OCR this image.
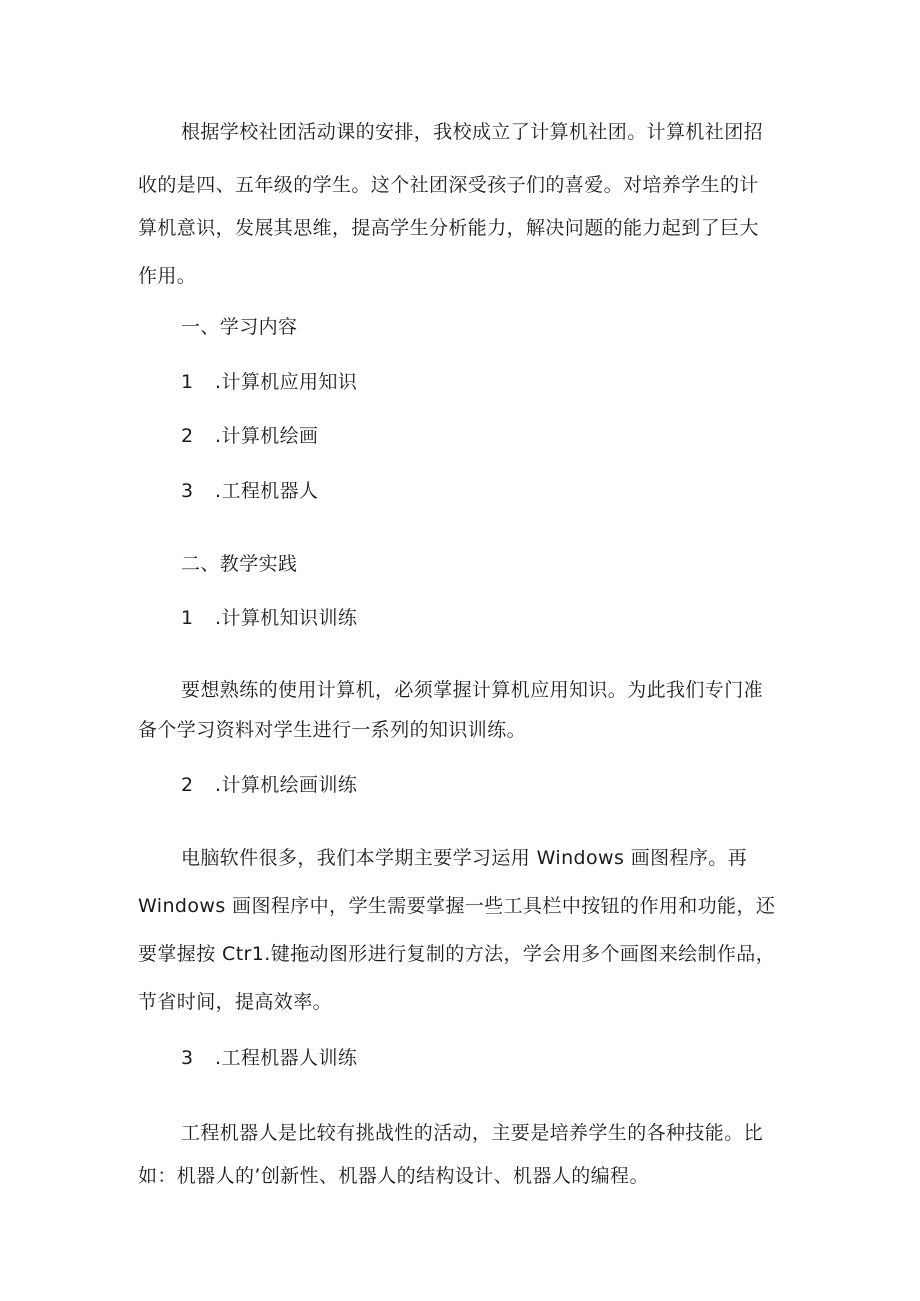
根据学校社团活动课的安排，我校成立了计算机社团。计算机社团招
收的是四、五年级的学生。这个社团深受孩子们的喜爱。对培养学生的计
算机意识，发展其思维，提高学生分析能力，解决问题的能力起到了巨大
作用。
一、学习内容
1 .计算机应用知识
2 .计算机绘画
3 .工程机器人
二、教学实践
1 .计算机知识训练
要想熟练的使用计算机，必须掌握计算机应用知识。为此我们专门准
备个学习资料对学生进行一系列的知识训练。
2 .计算机绘画训练
电脑软件很多，我们本学期主要学习运用 Windows 画图程序。再
Windows 画图程序中，学生需要掌握一些工具栏中按钮的作用和功能，还
要掌握按 Ctr1.键拖动图形进行复制的方法，学会用多个画图来绘制作品，
节省时间，提高效率。
3 .工程机器人训练
工程机器人是比较有挑战性的活动，主要是培养学生的各种技能。比
如：机器人的’创新性、机器人的结构设计、机器人的编程。
